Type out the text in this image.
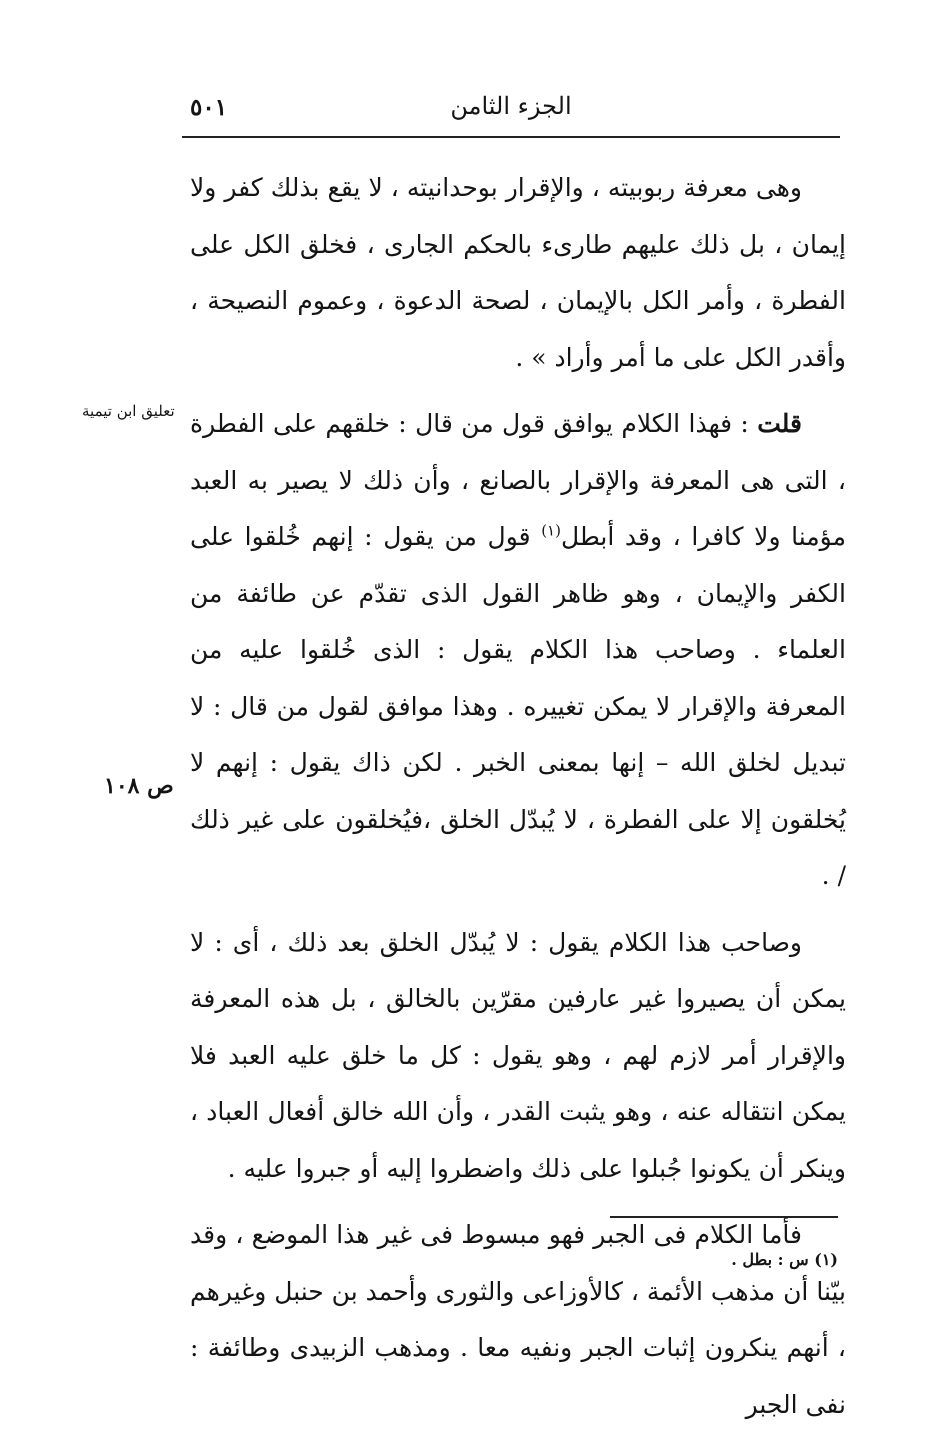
٥٠١	الجزء الثامن
تعليق ابن تيمية
ص ١٠٨

وهى معرفة ربوبيته ، والإقرار بوحدانيته ، لا يقع بذلك كفر ولا إيمان ، بل ذلك عليهم طارىء بالحكم الجارى ، فخلق الكل على الفطرة ، وأمر الكل بالإيمان ، لصحة الدعوة ، وعموم النصيحة ، وأقدر الكل على ما أمر وأراد » .

قلت : فهذا الكلام يوافق قول من قال : خلقهم على الفطرة ، التى هى المعرفة والإقرار بالصانع ، وأن ذلك لا يصير به العبد مؤمنا ولا كافرا ، وقد أبطل$^{(١)}$ قول من يقول : إنهم خُلقوا على الكفر والإيمان ، وهو ظاهر القول الذى تقدّم عن طائفة من العلماء . وصاحب هذا الكلام يقول : الذى خُلقوا عليه من المعرفة والإقرار لا يمكن تغييره . وهذا موافق لقول من قال : لا تبديل لخلق الله – إنها بمعنى الخبر . لكن ذاك يقول : إنهم لا يُخلقون إلا على الفطرة ، لا يُبدّل الخلق ،فيُخلقون على غير ذلك / .

وصاحب هذا الكلام يقول : لا يُبدّل الخلق بعد ذلك ، أى : لا يمكن أن يصيروا غير عارفين مقرّين بالخالق ، بل هذه المعرفة والإقرار أمر لازم لهم ، وهو يقول : كل ما خلق عليه العبد فلا يمكن انتقاله عنه ، وهو يثبت القدر ، وأن الله خالق أفعال العباد ، وينكر أن يكونوا جُبلوا على ذلك واضطروا إليه أو جبروا عليه .

فأما الكلام فى الجبر فهو مبسوط فى غير هذا الموضع ، وقد بيّنا أن مذهب الأئمة ، كالأوزاعى والثورى وأحمد بن حنبل وغيرهم ، أنهم ينكرون إثبات الجبر ونفيه معا . ومذهب الزبيدى وطائفة : نفى الجبر

(١) س : بطل .
